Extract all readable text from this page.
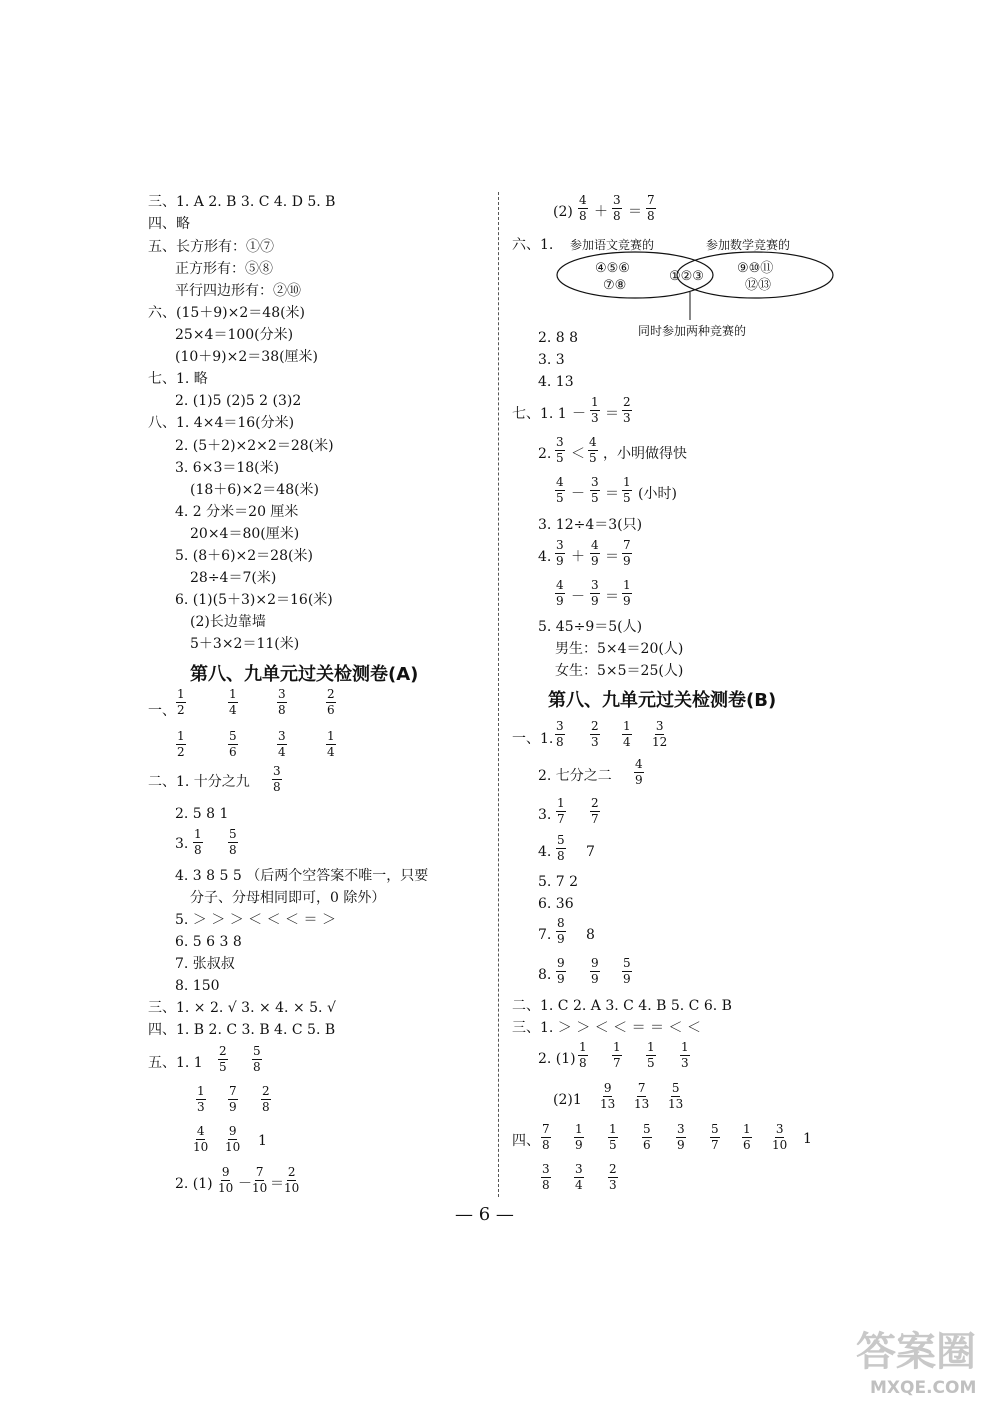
三、1. A 2. B 3. C 4. D 5. B
四、略
五、长方形有：①⑦
正方形有：⑤⑧
平行四边形有：②⑩
六、(15＋9)×2＝48(米)
25×4＝100(分米)
(10＋9)×2＝38(厘米)
七、1. 略
2. (1)5 (2)5 2 (3)2
八、1. 4×4＝16(分米)
2. (5＋2)×2×2＝28(米)
3. 6×3＝18(米)
(18＋6)×2＝48(米)
4. 2 分米＝20 厘米
20×4＝80(厘米)
5. (8＋6)×2＝28(米)
28÷4＝7(米)
6. (1)(5＋3)×2＝16(米)
(2)长边靠墙
5＋3×2＝11(米)
第八、九单元过关检测卷(A)
一、
1
2
1
4
3
8
2
6
1
2
5
6
3
4
1
4
二、1. 十分之九
3
8
2. 5 8 1
3.
1
8
5
8
4. 3 8 5 5 （后两个空答案不唯一，只要
分子、分母相同即可，0 除外）
5. ＞ ＞ ＞ ＜ ＜ ＜ ＝ ＞
6. 5 6 3 8
7. 张叔叔
8. 150
三、1. × 2. √ 3. × 4. × 5. √
四、1. B 2. C 3. B 4. C 5. B
五、1. 1
2
5
5
8
1
3
7
9
2
8
4
10
9
10 1
2. (1)
9
10 －
7
10 ＝
2
10
(2)
4
8 ＋
3
8 ＝
7
8
六、1. 参加语文竞赛的	参加数学竞赛的
④⑤⑥
⑦⑧
①②③
⑨⑩⑪
⑫⑬
同时参加两种竞赛的
2. 8 8
3. 3
4. 13
七、1. 1 －
1
3 ＝
2
3
2.
3
5 ＜
4
5 ，小明做得快
4
5 －
3
5 ＝
1
5 (小时)
3. 12÷4＝3(只)
4.
3
9 ＋
4
9 ＝
7
9
4
9 －
3
9 ＝
1
9
5. 45÷9＝5(人)
男生：5×4＝20(人)
女生：5×5＝25(人)
第八、九单元过关检测卷(B)
一、1.
3
8
2
3
1
4
3
12
2. 七分之二
4
9
3.
1
7
2
7
4.
5
8 7
5. 7 2
6. 36
7.
8
9 8
8.
9
9
9
9
5
9
二、1. C 2. A 3. C 4. B 5. C 6. B
三、1. ＞ ＞ ＜ ＜ ＝ ＝ ＜ ＜
2. (1)
1
8
1
7
1
5
1
3
(2)1
9
13
7
13
5
13
四、
7
8
1
9
1
5
5
6
3
9
5
7
1
6
3
10 1
3
8
3
4
2
3
— 6 —
答案圈
MXQE.COM
